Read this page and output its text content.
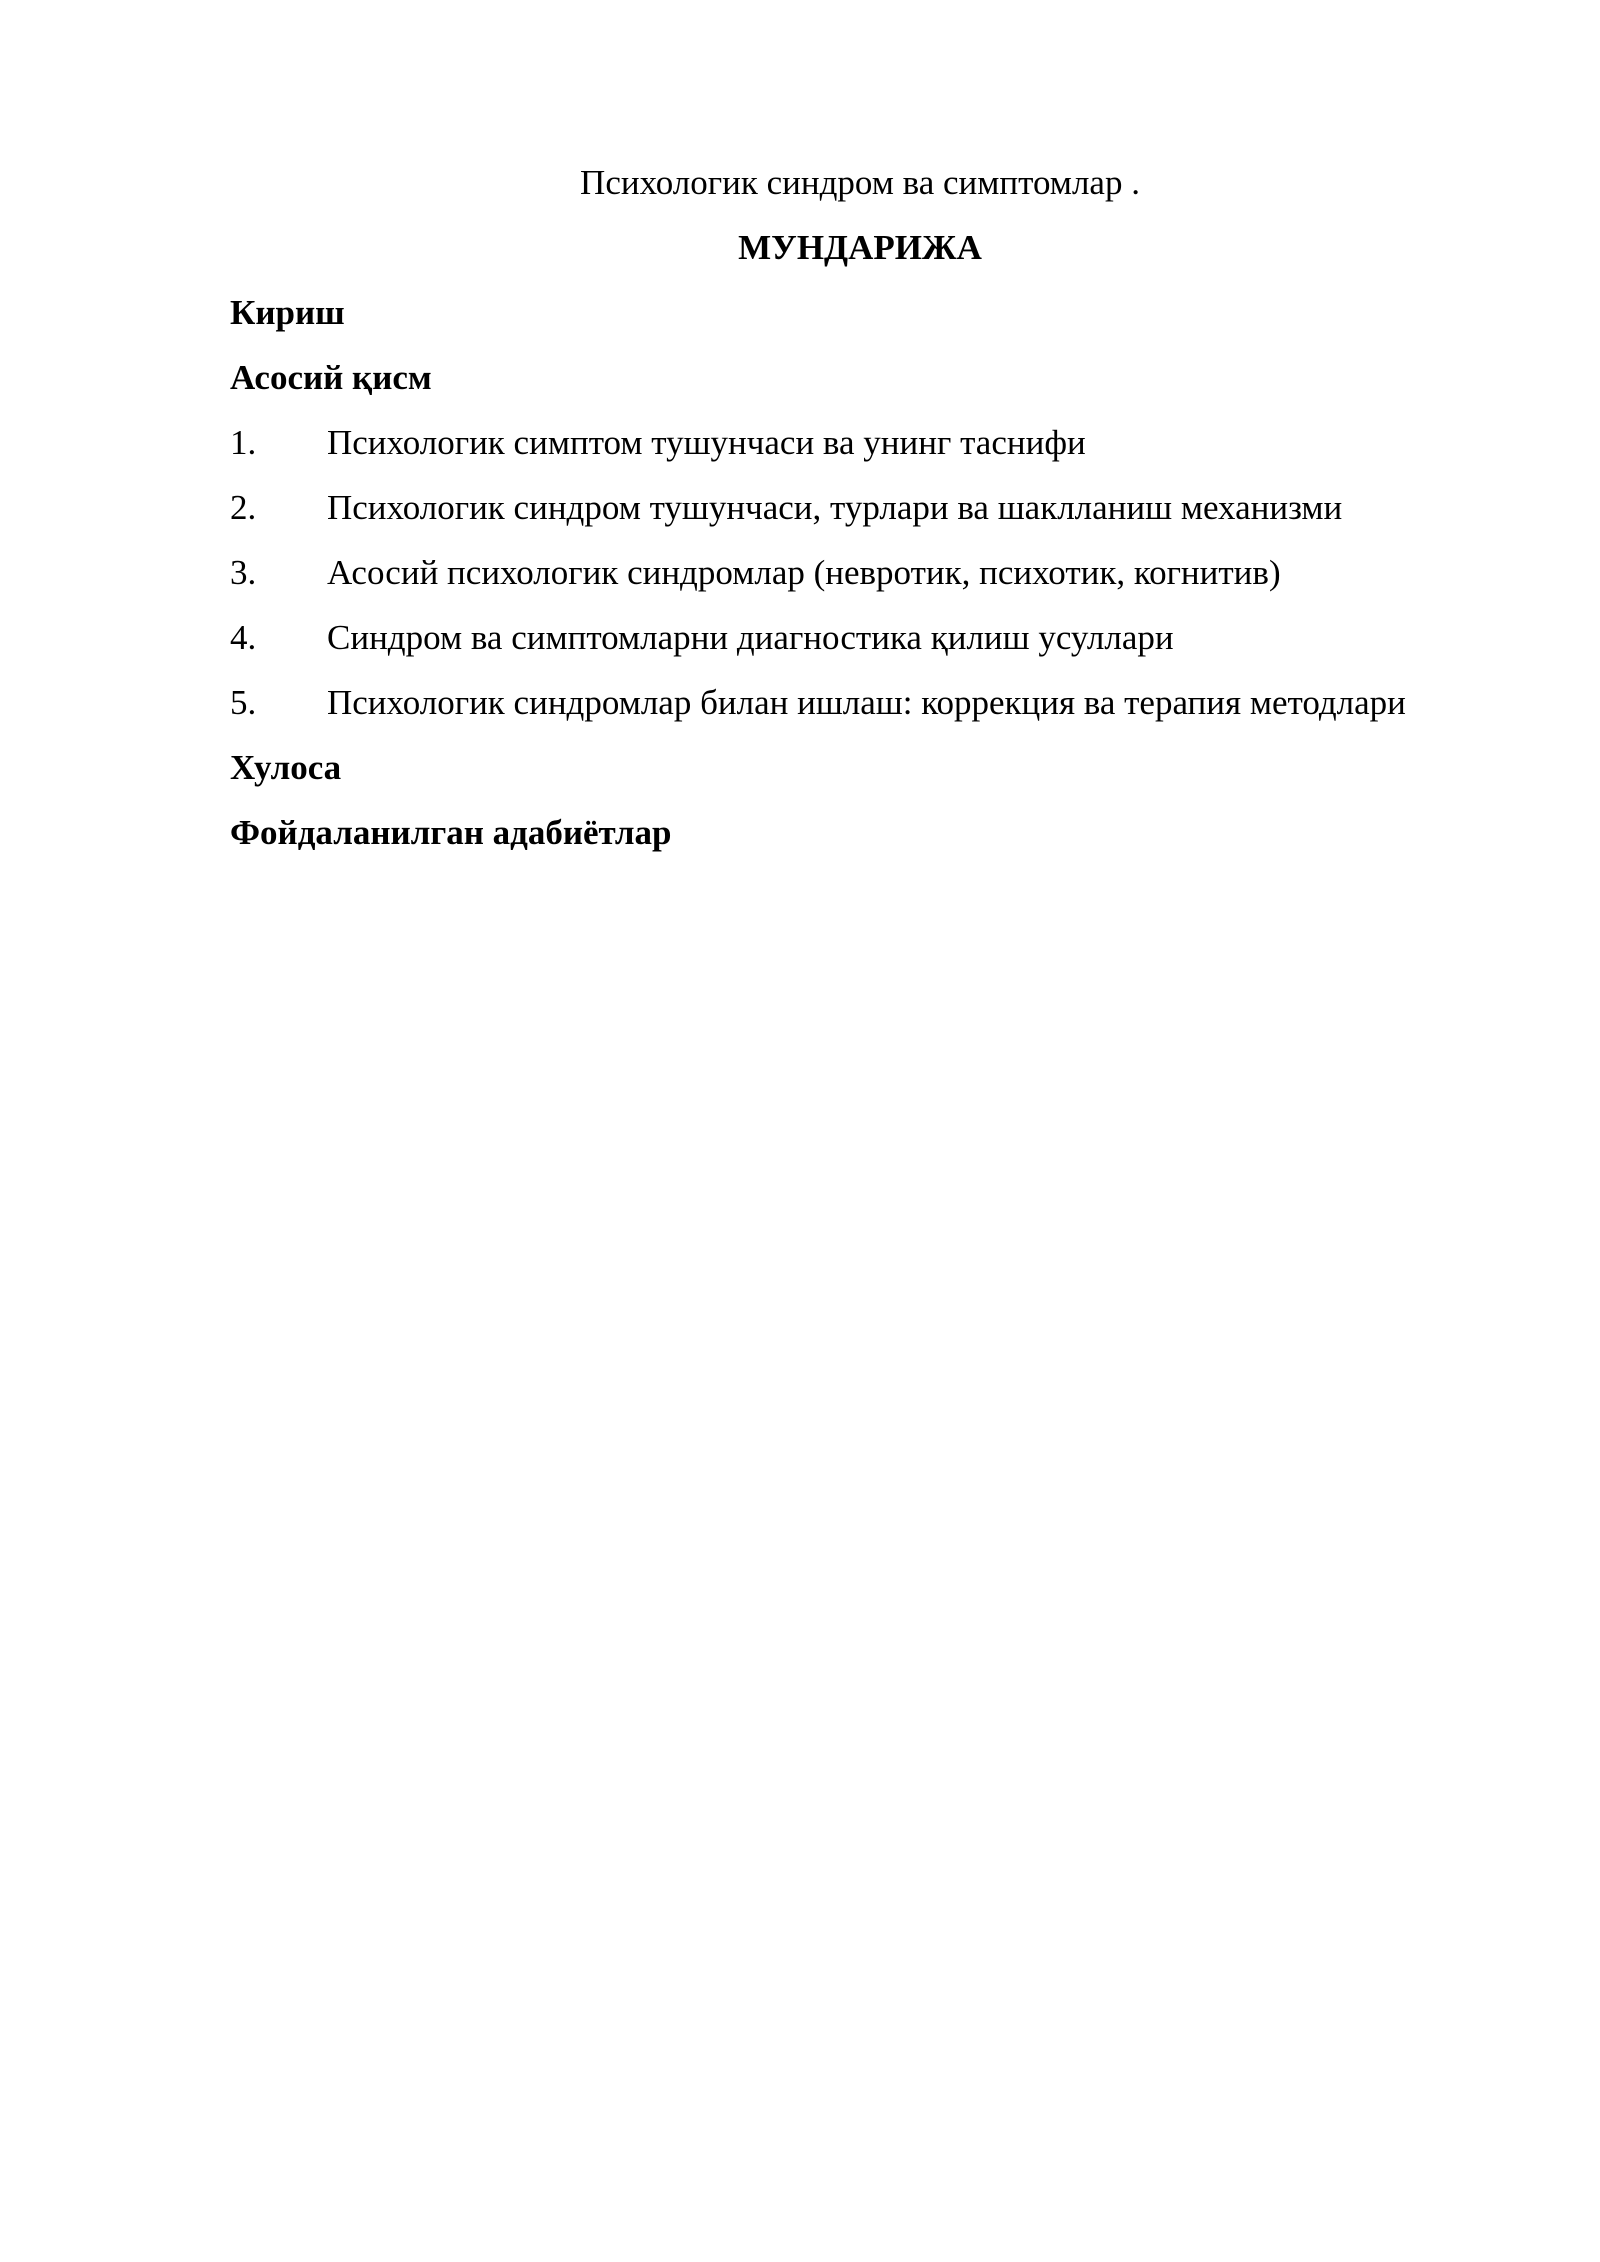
Психологик синдром ва симптомлар .

МУНДАРИЖА

Кириш

Асосий қисм

1. Психологик симптом тушунчаси ва унинг таснифи
2. Психологик синдром тушунчаси, турлари ва шаклланиш механизми
3. Асосий психологик синдромлар (невротик, психотик, когнитив)
4. Синдром ва симптомларни диагностика қилиш усуллари
5. Психологик синдромлар билан ишлаш: коррекция ва терапия методлари

Хулоса

Фойдаланилган адабиётлар
